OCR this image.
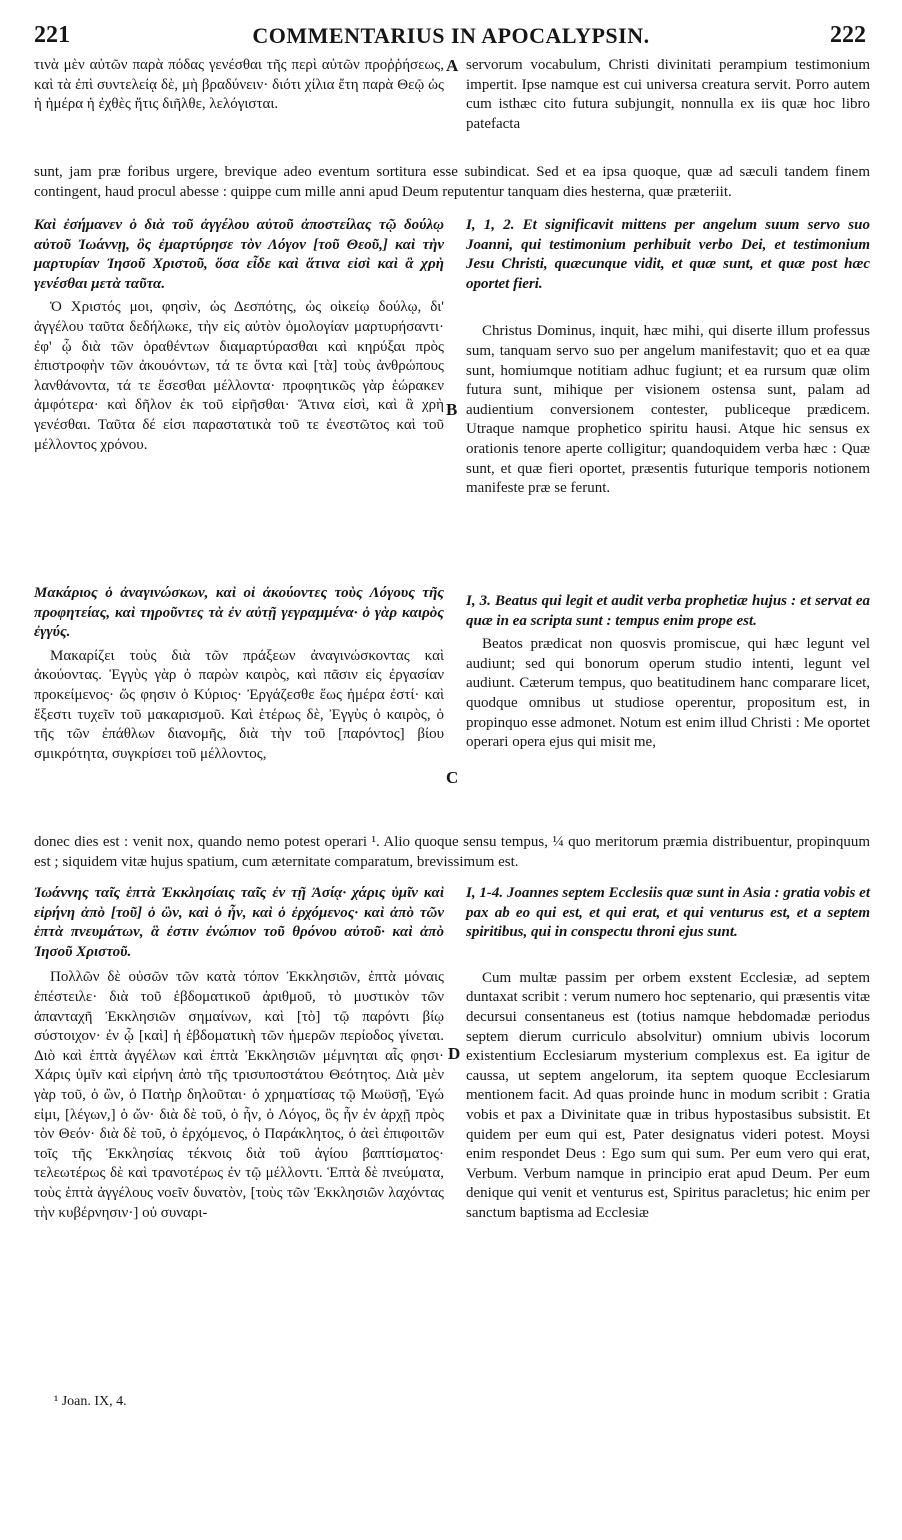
221	COMMENTARIUS IN APOCALYPSIN.	222

τινὰ μὲν αὐτῶν παρὰ πόδας γενέσθαι τῆς περὶ αὐτῶν προῤῥήσεως, καὶ τὰ ἐπὶ συντελείᾳ δὲ, μὴ βραδύνειν· διότι χίλια ἔτη παρὰ Θεῷ ὡς ἡ ἡμέρα ἡ ἐχθὲς ἥτις διῆλθε, λελόγισται.

servorum vocabulum, Christi divinitati perampium testimonium impertit. Ipse namque est cui universa creatura servit. Porro autem cum isthæc cito futura subjungit, nonnulla ex iis quæ hoc libro patefacta

A

sunt, jam præ foribus urgere, brevique adeo eventum sortitura esse subindicat. Sed et ea ipsa quoque, quæ ad sæculi tandem finem contingent, haud procul abesse : quippe cum mille anni apud Deum reputentur tanquam dies hesterna, quæ præteriit.

Καὶ ἐσήμανεν ὁ διὰ τοῦ ἀγγέλου αὐτοῦ ἀποστείλας τῷ δούλῳ αὐτοῦ Ἰωάννῃ, ὃς ἐμαρτύρησε τὸν Λόγον [τοῦ Θεοῦ,] καὶ τὴν μαρτυρίαν Ἰησοῦ Χριστοῦ, ὅσα εἶδε καὶ ἅτινα εἰσὶ καὶ ἃ χρὴ γενέσθαι μετὰ ταῦτα.

Ὁ Χριστός μοι, φησὶν, ὡς Δεσπότης, ὡς οἰκείῳ δούλῳ, δι' ἀγγέλου ταῦτα δεδήλωκε, τὴν εἰς αὐτὸν ὁμολογίαν μαρτυρήσαντι· ἐφ' ᾧ διὰ τῶν ὁραθέντων διαμαρτύρασθαι καὶ κηρύξαι πρὸς ἐπιστροφὴν τῶν ἀκουόντων, τά τε ὄντα καὶ [τὰ] τοὺς ἀνθρώπους λανθάνοντα, τά τε ἔσεσθαι μέλλοντα· προφητικῶς γὰρ ἑώρακεν ἀμφότερα· καὶ δῆλον ἐκ τοῦ εἰρῆσθαι· Ἅτινα εἰσὶ, καὶ ἃ χρὴ γενέσθαι. Ταῦτα δέ εἰσι παραστατικὰ τοῦ τε ἐνεστῶτος καὶ τοῦ μέλλοντος χρόνου.

I, 1, 2. Et significavit mittens per angelum suum servo suo Joanni, qui testimonium perhibuit verbo Dei, et testimonium Jesu Christi, quæcunque vidit, et quæ sunt, et quæ post hæc oportet fieri.

Christus Dominus, inquit, hæc mihi, qui diserte illum professus sum, tanquam servo suo per angelum manifestavit; quo et ea quæ sunt, homiumque notitiam adhuc fugiunt; et ea rursum quæ olim futura sunt, mihique per visionem ostensa sunt, palam ad audientium conversionem contester, publiceque prædicem. Utraque namque prophetico spiritu hausi. Atque hic sensus ex orationis tenore aperte colligitur; quandoquidem verba hæc : Quæ sunt, et quæ fieri oportet, præsentis futurique temporis notionem manifeste præ se ferunt.

B

Μακάριος ὁ ἀναγινώσκων, καὶ οἱ ἀκούοντες τοὺς Λόγους τῆς προφητείας, καὶ τηροῦντες τὰ ἐν αὐτῇ γεγραμμένα· ὁ γὰρ καιρὸς ἐγγύς.

Μακαρίζει τοὺς διὰ τῶν πράξεων ἀναγινώσκοντας καὶ ἀκούοντας. Ἐγγὺς γὰρ ὁ παρὼν καιρὸς, καὶ πᾶσιν εἰς ἐργασίαν προκείμενος· ὥς φησιν ὁ Κύριος· Ἐργάζεσθε ἕως ἡμέρα ἐστί· καὶ ἔξεστι τυχεῖν τοῦ μακαρισμοῦ. Καὶ ἑτέρως δὲ, Ἐγγὺς ὁ καιρὸς, ὁ τῆς τῶν ἐπάθλων διανομῆς, διὰ τὴν τοῦ [παρόντος] βίου σμικρότητα, συγκρίσει τοῦ μέλλοντος,

I, 3. Beatus qui legit et audit verba prophetiæ hujus : et servat ea quæ in ea scripta sunt : tempus enim prope est.

Beatos prædicat non quosvis promiscue, qui hæc legunt vel audiunt; sed qui bonorum operum studio intenti, legunt vel audiunt. Cæterum tempus, quo beatitudinem hanc comparare licet, quodque omnibus ut studiose operentur, propositum est, in propinquo esse admonet. Notum est enim illud Christi : Me oportet operari opera ejus qui misit me,

C

donec dies est : venit nox, quando nemo potest operari ¹. Alio quoque sensu tempus, ¼ quo meritorum præmia distribuentur, propinquum est ; siquidem vitæ hujus spatium, cum æternitate comparatum, brevissimum est.

Ἰωάννης ταῖς ἑπτὰ Ἐκκλησίαις ταῖς ἐν τῇ Ἀσίᾳ· χάρις ὑμῖν καὶ εἰρήνη ἀπὸ [τοῦ] ὁ ὢν, καὶ ὁ ἦν, καὶ ὁ ἐρχόμενος· καὶ ἀπὸ τῶν ἑπτὰ πνευμάτων, ἃ ἐστιν ἐνώπιον τοῦ θρόνου αὐτοῦ· καὶ ἀπὸ Ἰησοῦ Χριστοῦ.

Πολλῶν δὲ οὐσῶν τῶν κατὰ τόπον Ἐκκλησιῶν, ἑπτὰ μόναις ἐπέστειλε· διὰ τοῦ ἑβδοματικοῦ ἀριθμοῦ, τὸ μυστικὸν τῶν ἁπανταχῆ Ἐκκλησιῶν σημαίνων, καὶ [τὸ] τῷ παρόντι βίῳ σύστοιχον· ἐν ᾧ [καὶ] ἡ ἑβδοματικὴ τῶν ἡμερῶν περίοδος γίνεται. Διὸ καὶ ἑπτὰ ἀγγέλων καὶ ἑπτὰ Ἐκκλησιῶν μέμνηται αἷς φησι· Χάρις ὑμῖν καὶ εἰρήνη ἀπὸ τῆς τρισυποστάτου Θεότητος. Διὰ μὲν γὰρ τοῦ, ὁ ὢν, ὁ Πατὴρ δηλοῦται· ὁ χρηματίσας τῷ Μωϋσῇ, Ἐγώ εἰμι, [λέγων,] ὁ ὤν· διὰ δὲ τοῦ, ὁ ἦν, ὁ Λόγος, ὃς ἦν ἐν ἀρχῇ πρὸς τὸν Θεόν· διὰ δὲ τοῦ, ὁ ἐρχόμενος, ὁ Παράκλητος, ὁ ἀεὶ ἐπιφοιτῶν τοῖς τῆς Ἐκκλησίας τέκνοις διὰ τοῦ ἁγίου βαπτίσματος· τελεωτέρως δὲ καὶ τρανοτέρως ἐν τῷ μέλλοντι. Ἑπτὰ δὲ πνεύματα, τοὺς ἑπτὰ ἀγγέλους νοεῖν δυνατὸν, [τοὺς τῶν Ἐκκλησιῶν λαχόντας τὴν κυβέρνησιν·] οὐ συναρι-

I, 1-4. Joannes septem Ecclesiis quæ sunt in Asia : gratia vobis et pax ab eo qui est, et qui erat, et qui venturus est, et a septem spiritibus, qui in conspectu throni ejus sunt.

Cum multæ passim per orbem exstent Ecclesiæ, ad septem duntaxat scribit : verum numero hoc septenario, qui præsentis vitæ decursui consentaneus est (totius namque hebdomadæ periodus septem dierum curriculo absolvitur) omnium ubivis locorum existentium Ecclesiarum mysterium complexus est. Ea igitur de caussa, ut septem angelorum, ita septem quoque Ecclesiarum mentionem facit. Ad quas proinde hunc in modum scribit : Gratia vobis et pax a Divinitate quæ in tribus hypostasibus subsistit. Et quidem per eum qui est, Pater designatus videri potest. Moysi enim respondet Deus : Ego sum qui sum. Per eum vero qui erat, Verbum. Verbum namque in principio erat apud Deum. Per eum denique qui venit et venturus est, Spiritus paracletus; hic enim per sanctum baptisma ad Ecclesiæ

D
¹ Joan. IX, 4.
